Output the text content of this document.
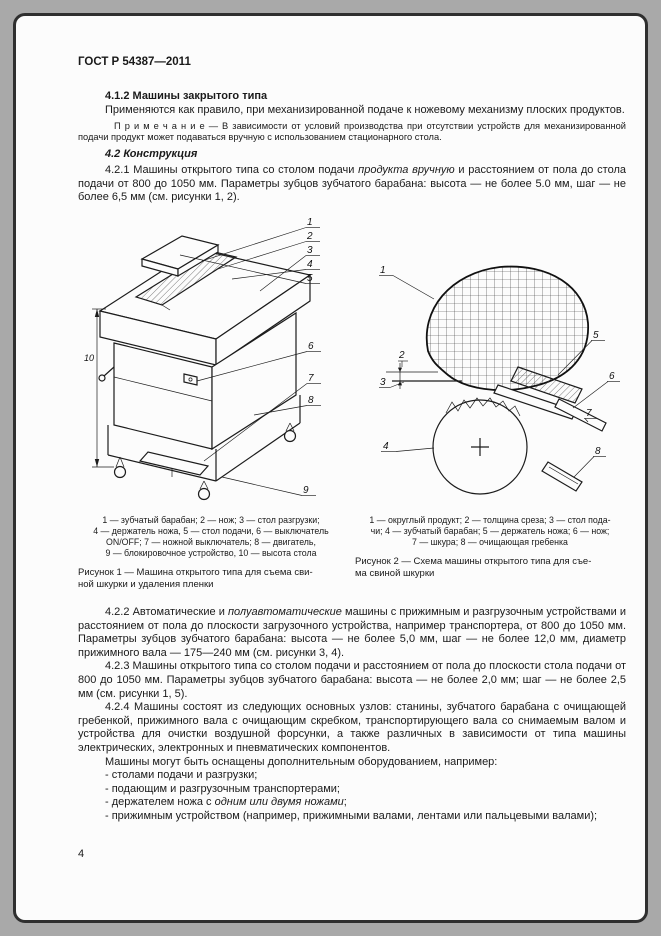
ГОСТ Р 54387—2011

4.1.2 Машины закрытого типа

Применяются как правило, при механизированной подаче к ножевому механизму плоских продуктов.

П р и м е ч а н и е — В зависимости от условий производства при отсутствии устройств для механизированной подачи продукт может подаваться вручную с использованием стационарного стола.

4.2 Конструкция

4.2.1 Машины открытого типа со столом подачи продукта вручную и расстоянием от пола до стола подачи от 800 до 1050 мм. Параметры зубцов зубчатого барабана: высота — не более 5.0 мм, шаг — не более 6,5 мм (см. рисунки 1, 2).

10
1
2
3
4
5
6
7
8
9
1
2
3
4
5
6
7
8
1 — зубчатый барабан; 2 — нож; 3 — стол разгрузки;
4 — держатель ножа, 5 — стол подачи, 6 — выключатель
ON/OFF; 7 — ножной выключатель; 8 — двигатель,
9 — блокировочное устройство, 10 — высота стола
Рисунок 1 — Машина открытого типа для съема сви-
ной шкурки и удаления пленки
1 — округлый продукт; 2 — толщина среза; 3 — стол пода-
чи; 4 — зубчатый барабан; 5 — держатель ножа; 6 — нож;
7 — шкура; 8 — очищающая гребенка
Рисунок 2 — Схема машины открытого типа для съе-
ма свиной шкурки

4.2.2 Автоматические и полуавтоматические машины с прижимным и разгрузочным устройствами и расстоянием от пола до плоскости загрузочного устройства, например транспортера, от 800 до 1050 мм. Параметры зубцов зубчатого барабана: высота — не более 5,0 мм, шаг — не более 12,0 мм, диаметр прижимного вала — 175—240 мм (см. рисунки 3, 4).

4.2.3 Машины открытого типа со столом подачи и расстоянием от пола до плоскости стола подачи от 800 до 1050 мм. Параметры зубцов зубчатого барабана: высота — не более 2,0 мм; шаг — не более 2,5 мм (см. рисунки 1, 5).

4.2.4 Машины состоят из следующих основных узлов: станины, зубчатого барабана с очищающей гребенкой, прижимного вала с очищающим скребком, транспортирующего вала со снимаемым валом и устройства для очистки воздушной форсунки, а также различных в зависимости от типа машины электрических, электронных и пневматических компонентов.

Машины могут быть оснащены дополнительным оборудованием, например:

- столами подачи и разгрузки;

- подающим и разгрузочным транспортерами;

- держателем ножа с одним или двумя ножами;

- прижимным устройством (например, прижимными валами, лентами или пальцевыми валами);

4
